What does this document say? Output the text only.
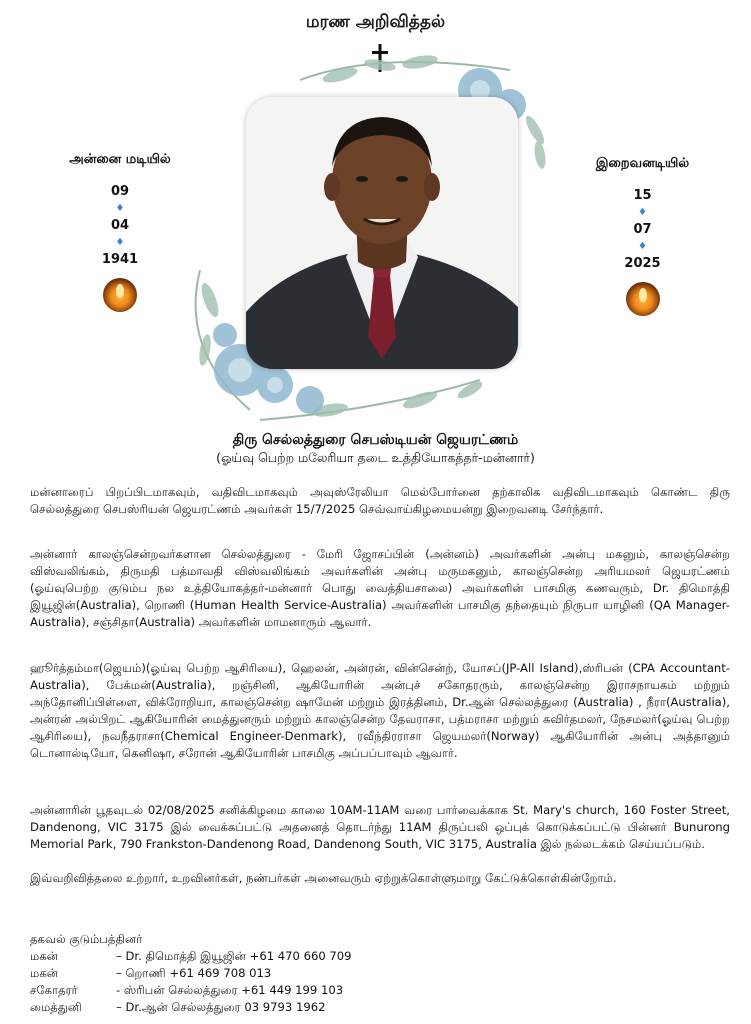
மரண அறிவித்தல்
அன்னை மடியில்
09
♦
04
♦
1941
இறைவனடியில்
15
♦
07
♦
2025
திரு செல்லத்துரை செபஸ்டியன் ஜெயரட்ணம்
(ஓய்வு பெற்ற மலேரியா தடை உத்தியோகத்தர்-மன்னார்)

மன்னாரைப் பிறப்பிடமாகவும், வதிவிடமாகவும் அவுஸ்ரேலியா மெல்போர்னை தற்காலிக வதிவிடமாகவும் கொண்ட திரு செல்லத்துரை செபஸ்ரியன் ஜெயரட்ணம் அவர்கள் 15/7/2025 செவ்வாய்கிழமையன்று இறைவனடி சேர்ந்தார்.

அன்னார் காலஞ்சென்றவர்களான செல்லத்துரை - மேரி ஜோசப்பின் (அன்னம்) அவர்களின் அன்பு மகனும், காலஞ்சென்ற விஸ்வலிங்கம், திருமதி பத்மாவதி விஸ்வலிங்கம் அவர்களின் அன்பு மருமகனும், காலஞ்சென்ற அரியமலர் ஜெயரட்ணம் (ஓய்வுபெற்ற குடும்ப நல உத்தியோகத்தர்-மன்னார் பொது வைத்தியசாலை) அவர்களின் பாசமிகு கணவரும், Dr. திமொத்தி இயூஜின்(Australia), றொணி (Human Health Service-Australia) அவர்களின் பாசமிகு தந்தையும் நிருபா யாழினி (QA Manager-Australia), சஞ்சிதா(Australia) அவர்களின் மாமனாரும் ஆவார்.

ஹூர்த்தம்மா(ஜெயம்)(ஓய்வு பெற்ற ஆசிரியை), ஹெலன், அன்ரன், வின்சென்ற், யோசப்(JP-All Island),ஸ்ரிபன் (CPA Accountant-Australia), பேக்மன்(Australia), றஞ்சினி, ஆகியோரின் அன்புச் சகோதரரும், காலஞ்சென்ற இராசநாயகம் மற்றும் அந்தோனிப்பிள்ளை, விக்ரோறியா, காலஞ்சென்ற ஷாமேன் மற்றும் இரத்தினம், Dr.ஆன் செல்லத்துரை (Australia) , நீரா(Australia), அன்ரன் அல்பிறட் ஆகியோரின் மைத்துனரும் மற்றும் காலஞ்சென்ற தேவராசா, பத்மராசா மற்றும் சுவிர்தமலர், நேசமலர்(ஓய்வு பெற்ற ஆசிரியை), நவநீதராசா(Chemical Engineer-Denmark), ரவீந்திரராசா ஜெயமலர்(Norway) ஆகியோரின் அன்பு அத்தானும் டொனால்டியோ, கெனிஷா, சரோன் ஆகியோரின் பாசமிகு அப்பப்பாவும் ஆவார்.

அன்னாரின் பூதவுடல் 02/08/2025 சனிக்கிழமை காலை 10AM-11AM வரை பார்வைக்காக St. Mary's church, 160 Foster Street, Dandenong, VIC 3175 இல் வைக்கப்பட்டு அதனைத் தொடர்ந்து 11AM திருப்பலி ஒப்புக் கொடுக்கப்பட்டு பின்னர் Bunurong Memorial Park, 790 Frankston-Dandenong Road, Dandenong South, VIC 3175, Australia இல் நல்லடக்கம் செய்யப்படும்.

இவ்வறிவித்தலை உற்றார், உறவினர்கள், நண்பர்கள் அனைவரும் ஏற்றுக்கொள்ளுமாறு கேட்டுக்கொள்கின்றோம்.

தகவல் குடும்பத்தினர்
மகன்	– Dr. திமொத்தி இயூஜின் +61 470 660 709
மகன்	– றொணி +61 469 708 013
சகோதரர்	- ஸ்ரிபன் செல்லத்துரை +61 449 199 103
மைத்துனி	– Dr.ஆன் செல்லத்துரை 03 9793 1962
